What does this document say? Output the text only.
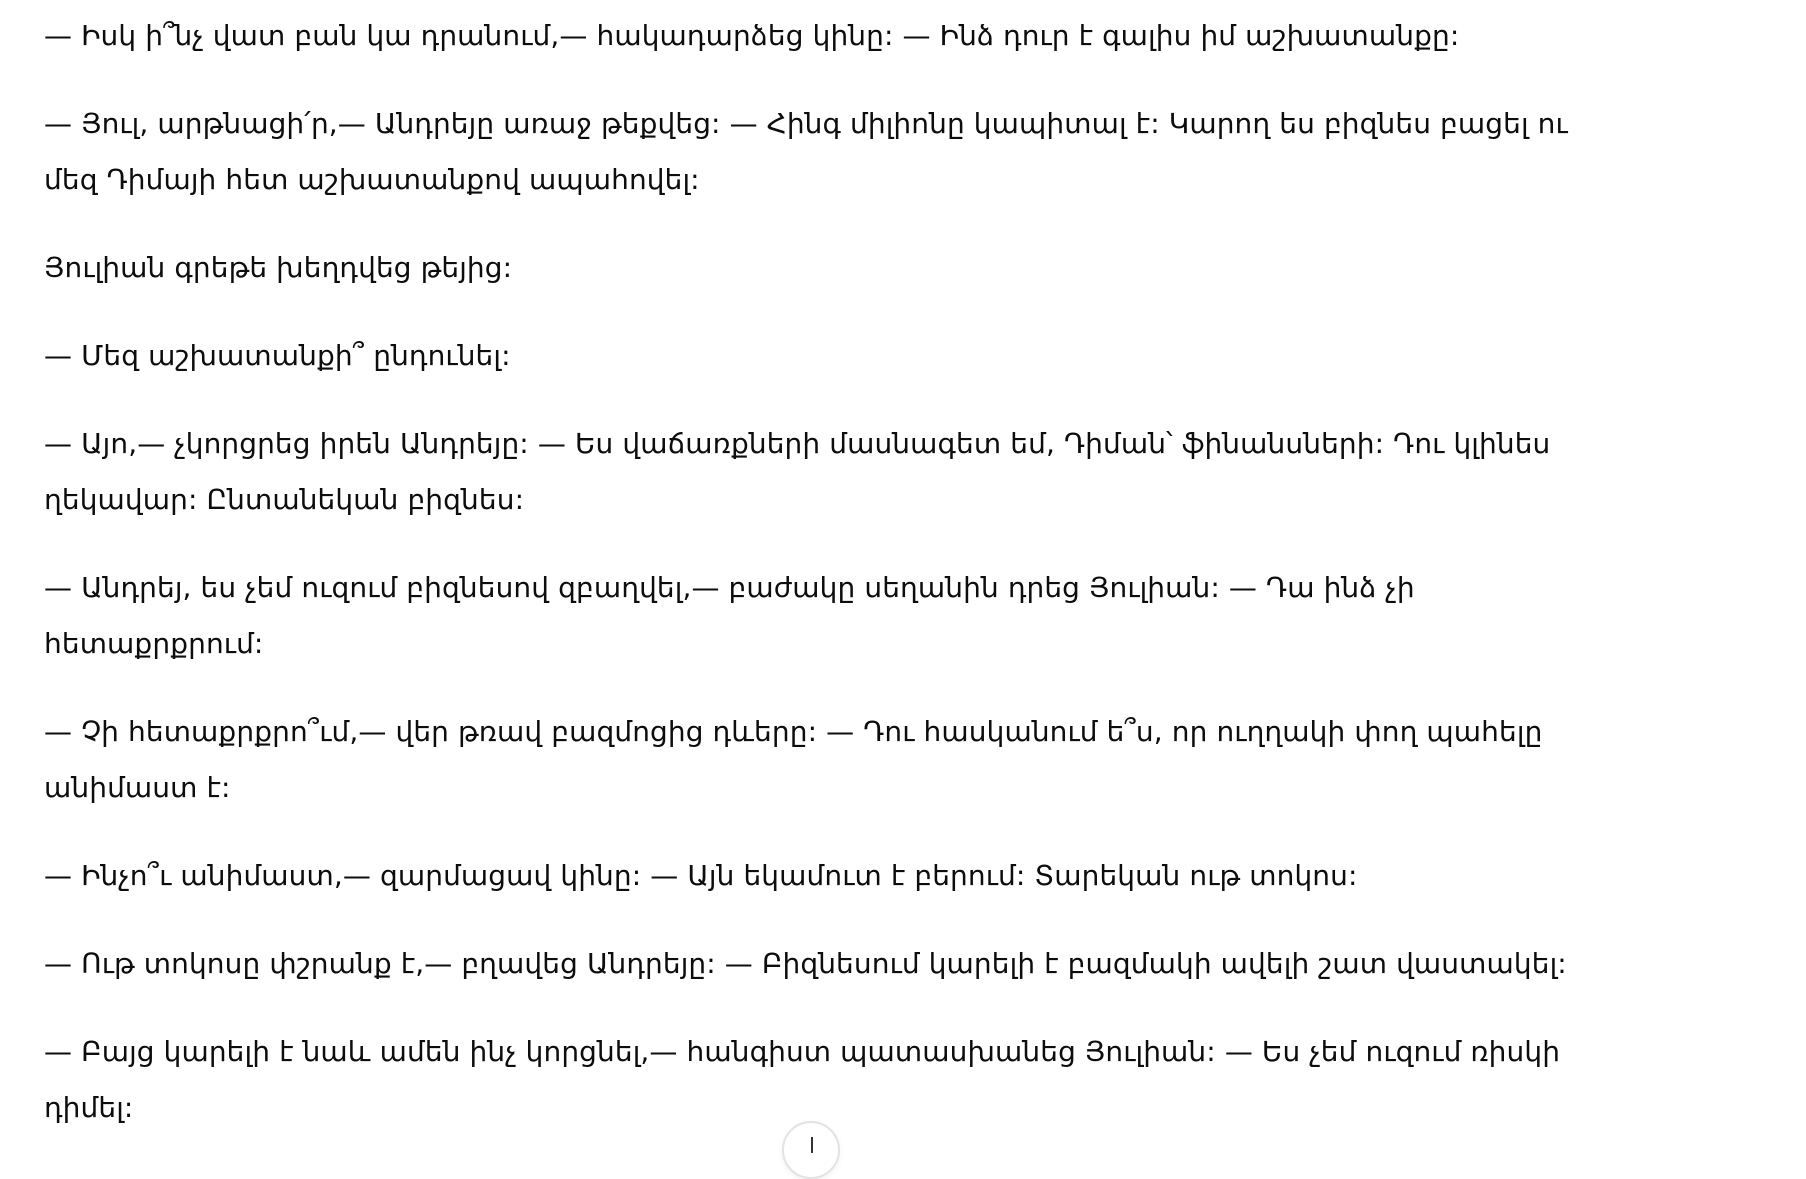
— Իսկ ի՞նչ վատ բան կա դրանում,— հակադարձեց կինը: — Ինձ դուր է գալիս իմ աշխատանքը:

— Յուլ, արթնացի՛ր,— Անդրեյը առաջ թեքվեց: — Հինգ միլիոնը կապիտալ է: Կարող ես բիզնես բացել ու մեզ Դիմայի հետ աշխատանքով ապահովել:

Յուլիան գրեթե խեղդվեց թեյից:

— Մեզ աշխատանքի՞ ընդունել:

— Այո,— չկորցրեց իրեն Անդրեյը: — Ես վաճառքների մասնագետ եմ, Դիման՝ ֆինանսների: Դու կլինես ղեկավար: Ընտանեկան բիզնես:

— Անդրեյ, ես չեմ ուզում բիզնեսով զբաղվել,— բաժակը սեղանին դրեց Յուլիան: — Դա ինձ չի հետաքրքրում:

— Չի հետաքրքրո՞ւմ,— վեր թռավ բազմոցից դևերը: — Դու հասկանում ե՞ս, որ ուղղակի փող պահելը անիմաստ է:

— Ինչո՞ւ անիմաստ,— զարմացավ կինը: — Այն եկամուտ է բերում: Տարեկան ութ տոկոս:

— Ութ տոկոսը փշրանք է,— բղավեց Անդրեյը: — Բիզնեսում կարելի է բազմակի ավելի շատ վաստակել:

— Բայց կարելի է նաև ամեն ինչ կորցնել,— հանգիստ պատասխանեց Յուլիան: — Ես չեմ ուզում ռիսկի դիմել:
